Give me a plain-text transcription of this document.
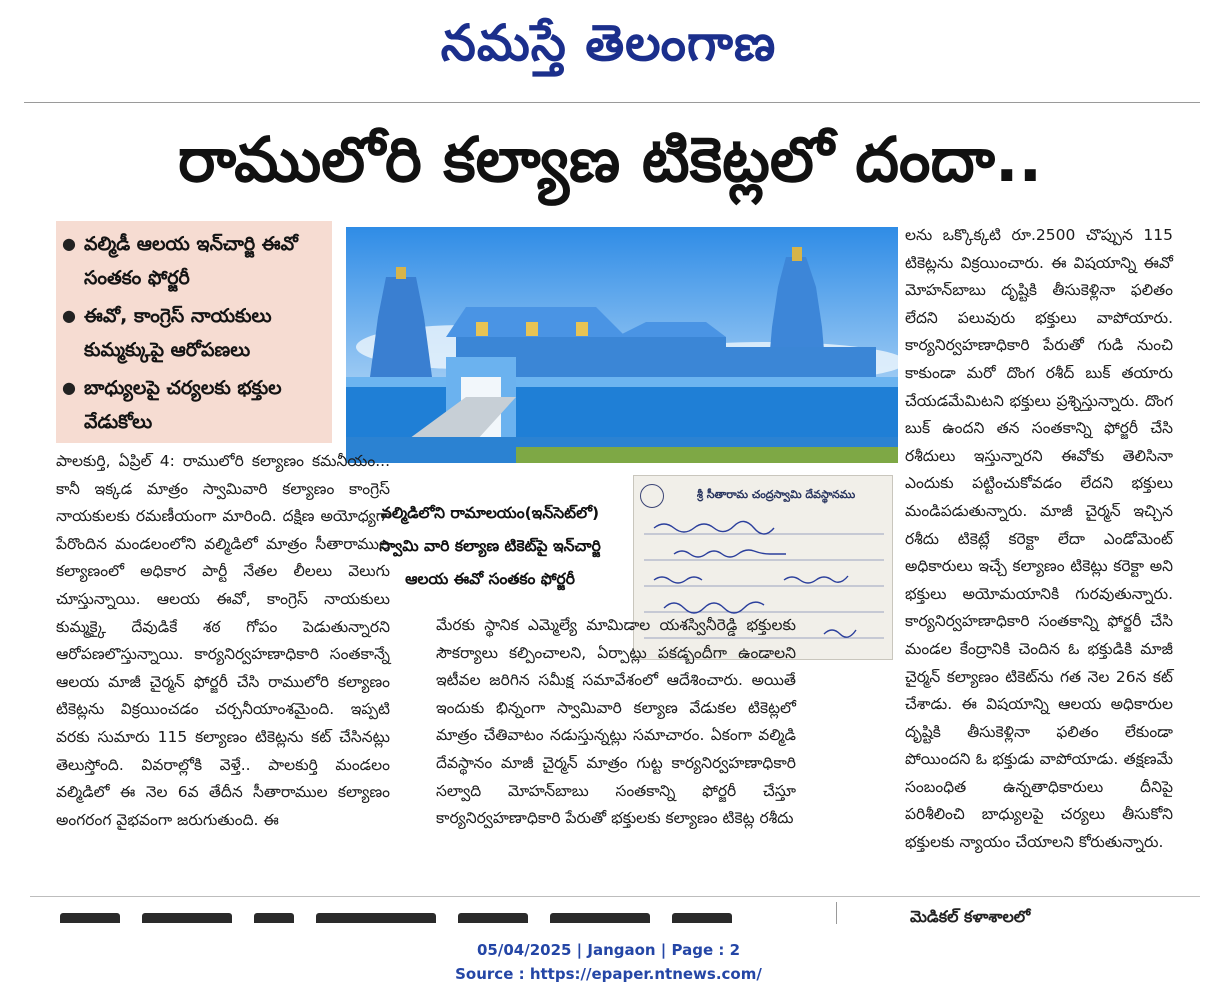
నమస్తే తెలంగాణ
రాములోరి కల్యాణ టికెట్లలో దందా..
● వల్మిడీ ఆలయ ఇన్‌చార్జి ఈవో సంతకం ఫోర్జరీ
● ఈవో, కాంగ్రెస్ నాయకులు కుమ్మక్కుపై ఆరోపణలు
● బాధ్యులపై చర్యలకు భక్తుల వేడుకోలు
వల్మిడిలోని రామాలయం(ఇన్‌సెట్‌లో)
స్వామి వారి కల్యాణ టికెట్‌పై ఇన్‌చార్జి
ఆలయ ఈవో సంతకం ఫోర్జరీ
శ్రీ సీతారామ చంద్రస్వామి దేవస్థానము

పాలకుర్తి, ఏప్రిల్ 4: రాములోరి కల్యాణం కమనీయం... కానీ ఇక్కడ మాత్రం స్వామివారి కల్యాణం కాంగ్రెస్ నాయకులకు రమణీయంగా మారింది. దక్షిణ అయోధ్యగా పేరొందిన మండలంలోని వల్మిడిలో మాత్రం సీతారాముల కల్యాణంలో అధికార పార్టీ నేతల లీలలు వెలుగు చూస్తున్నాయి. ఆలయ ఈవో, కాంగ్రెస్ నాయకులు కుమ్మక్కై దేవుడికే శఠ గోపం పెడుతున్నారని ఆరోపణలొస్తున్నాయి. కార్యనిర్వహణాధికారి సంతకాన్నే ఆలయ మాజీ చైర్మన్ ఫోర్జరీ చేసి రాములోరి కల్యాణం టికెట్లను విక్రయించడం చర్చనీయాంశమైంది. ఇప్పటి వరకు సుమారు 115 కల్యాణం టికెట్లను కట్ చేసినట్లు తెలుస్తోంది. వివరాల్లోకి వెళ్తే.. పాలకుర్తి మండలం వల్మిడిలో ఈ నెల 6వ తేదీన సీతారాముల కల్యాణం అంగరంగ వైభవంగా జరుగుతుంది. ఈ

మేరకు స్థానిక ఎమ్మెల్యే మామిడాల యశస్వినీరెడ్డి భక్తులకు సౌకర్యాలు కల్పించాలని, ఏర్పాట్లు పకడ్బందీగా ఉండాలని ఇటీవల జరిగిన సమీక్ష సమావేశంలో ఆదేశించారు. అయితే ఇందుకు భిన్నంగా స్వామివారి కల్యాణ వేడుకల టికెట్లలో మాత్రం చేతివాటం నడుస్తున్నట్లు సమాచారం. ఏకంగా వల్మిడి దేవస్థానం మాజీ చైర్మన్ మాత్రం గుట్ట కార్యనిర్వహణాధికారి సల్వాది మోహన్‌బాబు సంతకాన్ని ఫోర్జరీ చేస్తూ కార్యనిర్వహణాధికారి పేరుతో భక్తులకు కల్యాణం టికెట్ల రశీదు

లను ఒక్కొక్కటి రూ.2500 చొప్పున 115 టికెట్లను విక్రయించారు. ఈ విషయాన్ని ఈవో మోహన్‌బాబు దృష్టికి తీసుకెళ్లినా ఫలితం లేదని పలువురు భక్తులు వాపోయారు. కార్యనిర్వహణాధికారి పేరుతో గుడి నుంచి కాకుండా మరో దొంగ రశీద్ బుక్ తయారు చేయడమేమిటని భక్తులు ప్రశ్నిస్తున్నారు. దొంగ బుక్ ఉందని తన సంతకాన్ని ఫోర్జరీ చేసి రశీదులు ఇస్తున్నారని ఈవోకు తెలిసినా ఎందుకు పట్టించుకోవడం లేదని భక్తులు మండిపడుతున్నారు. మాజీ చైర్మన్ ఇచ్చిన రశీదు టికెట్లే కరెక్టా లేదా ఎండోమెంట్ అధికారులు ఇచ్చే కల్యాణం టికెట్లు కరెక్టా అని భక్తులు అయోమయానికి గురవుతున్నారు. కార్యనిర్వహణాధికారి సంతకాన్ని ఫోర్జరీ చేసి మండల కేంద్రానికి చెందిన ఓ భక్తుడికి మాజీ చైర్మన్ కల్యాణం టికెట్‌ను గత నెల 26న కట్ చేశాడు. ఈ విషయాన్ని ఆలయ అధికారుల దృష్టికి తీసుకెళ్లినా ఫలితం లేకుండా పోయిందని ఓ భక్తుడు వాపోయాడు. తక్షణమే సంబంధిత ఉన్నతాధికారులు దీనిపై పరిశీలించి బాధ్యులపై చర్యలు తీసుకోని భక్తులకు న్యాయం చేయాలని కోరుతున్నారు.

మెడికల్ కళాశాలలో
05/04/2025 | Jangaon | Page : 2
Source : https://epaper.ntnews.com/
